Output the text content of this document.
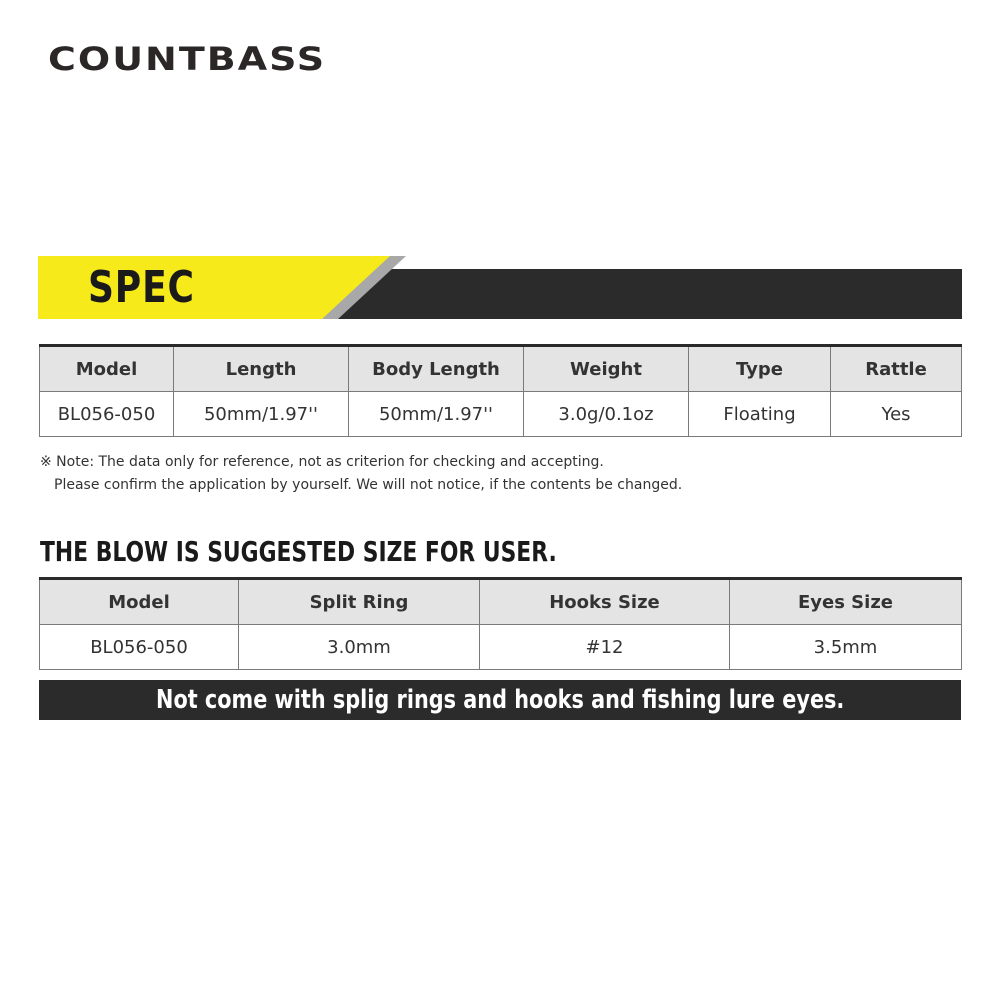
COUNTBASS
SPEC
Model	Length	Body Length	Weight	Type	Rattle
BL056-050	50mm/1.97''	50mm/1.97''	3.0g/0.1oz	Floating	Yes
※ Note: The data only for reference, not as criterion for checking and accepting.
Please confirm the application by yourself. We will not notice, if the contents be changed.
THE BLOW IS SUGGESTED SIZE FOR USER.
Model	Split Ring	Hooks Size	Eyes Size
BL056-050	3.0mm	#12	3.5mm
Not come with splig rings and hooks and fishing lure eyes.
